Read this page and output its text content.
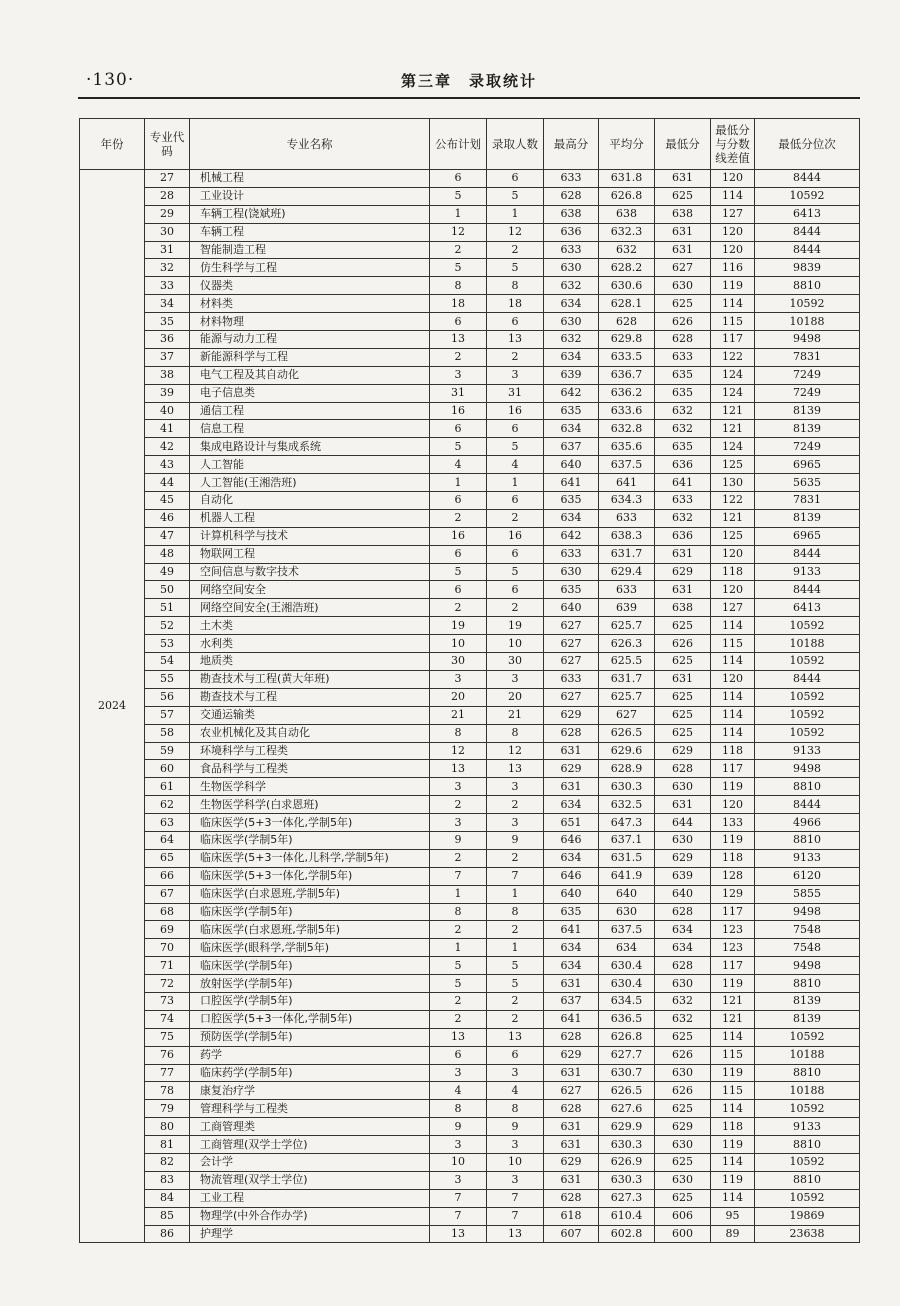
·130·	第三章　录取统计
年份	专业代码	专业名称	公布计划	录取人数	最高分	平均分	最低分	最低分与分数线差值	最低分位次
2024	27	机械工程	6	6	633	631.8	631	120	8444
	28	工业设计	5	5	628	626.8	625	114	10592
	29	车辆工程(饶斌班)	1	1	638	638	638	127	6413
	30	车辆工程	12	12	636	632.3	631	120	8444
	31	智能制造工程	2	2	633	632	631	120	8444
	32	仿生科学与工程	5	5	630	628.2	627	116	9839
	33	仪器类	8	8	632	630.6	630	119	8810
	34	材料类	18	18	634	628.1	625	114	10592
	35	材料物理	6	6	630	628	626	115	10188
	36	能源与动力工程	13	13	632	629.8	628	117	9498
	37	新能源科学与工程	2	2	634	633.5	633	122	7831
	38	电气工程及其自动化	3	3	639	636.7	635	124	7249
	39	电子信息类	31	31	642	636.2	635	124	7249
	40	通信工程	16	16	635	633.6	632	121	8139
	41	信息工程	6	6	634	632.8	632	121	8139
	42	集成电路设计与集成系统	5	5	637	635.6	635	124	7249
	43	人工智能	4	4	640	637.5	636	125	6965
	44	人工智能(王湘浩班)	1	1	641	641	641	130	5635
	45	自动化	6	6	635	634.3	633	122	7831
	46	机器人工程	2	2	634	633	632	121	8139
	47	计算机科学与技术	16	16	642	638.3	636	125	6965
	48	物联网工程	6	6	633	631.7	631	120	8444
	49	空间信息与数字技术	5	5	630	629.4	629	118	9133
	50	网络空间安全	6	6	635	633	631	120	8444
	51	网络空间安全(王湘浩班)	2	2	640	639	638	127	6413
	52	土木类	19	19	627	625.7	625	114	10592
	53	水利类	10	10	627	626.3	626	115	10188
	54	地质类	30	30	627	625.5	625	114	10592
	55	勘查技术与工程(黄大年班)	3	3	633	631.7	631	120	8444
	56	勘查技术与工程	20	20	627	625.7	625	114	10592
	57	交通运输类	21	21	629	627	625	114	10592
	58	农业机械化及其自动化	8	8	628	626.5	625	114	10592
	59	环境科学与工程类	12	12	631	629.6	629	118	9133
	60	食品科学与工程类	13	13	629	628.9	628	117	9498
	61	生物医学科学	3	3	631	630.3	630	119	8810
	62	生物医学科学(白求恩班)	2	2	634	632.5	631	120	8444
	63	临床医学(5+3一体化,学制5年)	3	3	651	647.3	644	133	4966
	64	临床医学(学制5年)	9	9	646	637.1	630	119	8810
	65	临床医学(5+3一体化,儿科学,学制5年)	2	2	634	631.5	629	118	9133
	66	临床医学(5+3一体化,学制5年)	7	7	646	641.9	639	128	6120
	67	临床医学(白求恩班,学制5年)	1	1	640	640	640	129	5855
	68	临床医学(学制5年)	8	8	635	630	628	117	9498
	69	临床医学(白求恩班,学制5年)	2	2	641	637.5	634	123	7548
	70	临床医学(眼科学,学制5年)	1	1	634	634	634	123	7548
	71	临床医学(学制5年)	5	5	634	630.4	628	117	9498
	72	放射医学(学制5年)	5	5	631	630.4	630	119	8810
	73	口腔医学(学制5年)	2	2	637	634.5	632	121	8139
	74	口腔医学(5+3一体化,学制5年)	2	2	641	636.5	632	121	8139
	75	预防医学(学制5年)	13	13	628	626.8	625	114	10592
	76	药学	6	6	629	627.7	626	115	10188
	77	临床药学(学制5年)	3	3	631	630.7	630	119	8810
	78	康复治疗学	4	4	627	626.5	626	115	10188
	79	管理科学与工程类	8	8	628	627.6	625	114	10592
	80	工商管理类	9	9	631	629.9	629	118	9133
	81	工商管理(双学士学位)	3	3	631	630.3	630	119	8810
	82	会计学	10	10	629	626.9	625	114	10592
	83	物流管理(双学士学位)	3	3	631	630.3	630	119	8810
	84	工业工程	7	7	628	627.3	625	114	10592
	85	物理学(中外合作办学)	7	7	618	610.4	606	95	19869
	86	护理学	13	13	607	602.8	600	89	23638
